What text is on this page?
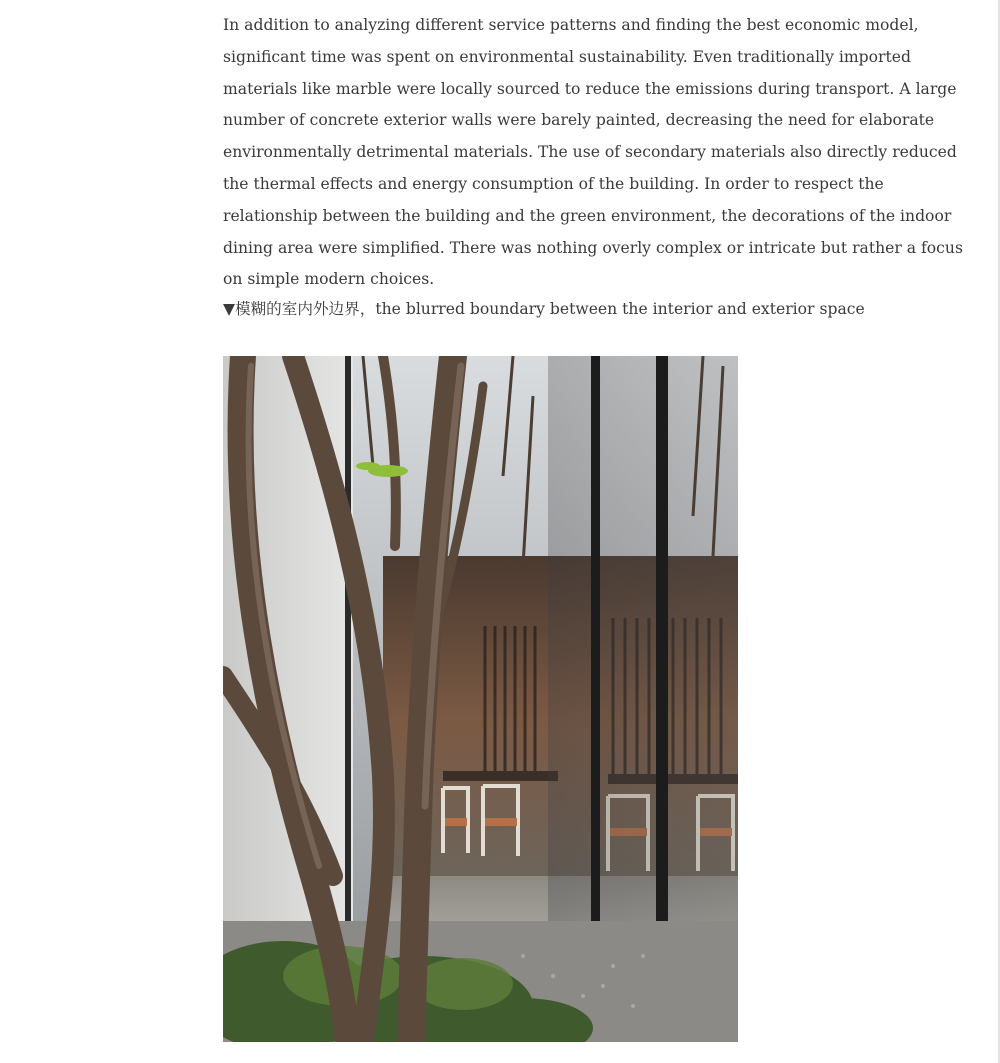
In addition to analyzing different service patterns and finding the best economic model, significant time was spent on environmental sustainability. Even traditionally imported materials like marble were locally sourced to reduce the emissions during transport. A large number of concrete exterior walls were barely painted, decreasing the need for elaborate environmentally detrimental materials. The use of secondary materials also directly reduced the thermal effects and energy consumption of the building. In order to respect the relationship between the building and the green environment, the decorations of the indoor dining area were simplified. There was nothing overly complex or intricate but rather a focus on simple modern choices.

▼模糊的室内外边界，the blurred boundary between the interior and exterior space
